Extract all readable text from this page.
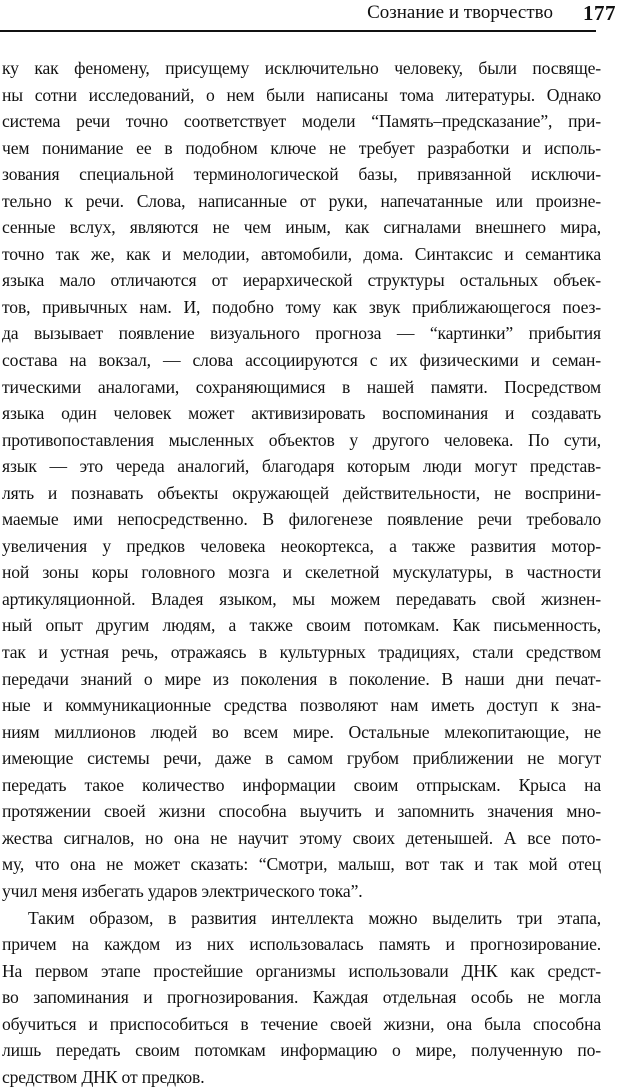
Сознание и творчество 177
ку как феномену, присущему исключительно человеку, были посвяще-
ны сотни исследований, о нем были написаны тома литературы. Однако
система речи точно соответствует модели “Память–предсказание”, при-
чем понимание ее в подобном ключе не требует разработки и исполь-
зования специальной терминологической базы, привязанной исключи-
тельно к речи. Слова, написанные от руки, напечатанные или произне-
сенные вслух, являются не чем иным, как сигналами внешнего мира,
точно так же, как и мелодии, автомобили, дома. Синтаксис и семантика
языка мало отличаются от иерархической структуры остальных объек-
тов, привычных нам. И, подобно тому как звук приближающегося поез-
да вызывает появление визуального прогноза — “картинки” прибытия
состава на вокзал, — слова ассоциируются с их физическими и семан-
тическими аналогами, сохраняющимися в нашей памяти. Посредством
языка один человек может активизировать воспоминания и создавать
противопоставления мысленных объектов у другого человека. По сути,
язык — это череда аналогий, благодаря которым люди могут представ-
лять и познавать объекты окружающей действительности, не восприни-
маемые ими непосредственно. В филогенезе появление речи требовало
увеличения у предков человека неокортекса, а также развития мотор-
ной зоны коры головного мозга и скелетной мускулатуры, в частности
артикуляционной. Владея языком, мы можем передавать свой жизнен-
ный опыт другим людям, а также своим потомкам. Как письменность,
так и устная речь, отражаясь в культурных традициях, стали средством
передачи знаний о мире из поколения в поколение. В наши дни печат-
ные и коммуникационные средства позволяют нам иметь доступ к зна-
ниям миллионов людей во всем мире. Остальные млекопитающие, не
имеющие системы речи, даже в самом грубом приближении не могут
передать такое количество информации своим отпрыскам. Крыса на
протяжении своей жизни способна выучить и запомнить значения мно-
жества сигналов, но она не научит этому своих детенышей. А все пото-
му, что она не может сказать: “Смотри, малыш, вот так и так мой отец
учил меня избегать ударов электрического тока”.
Таким образом, в развития интеллекта можно выделить три этапа,
причем на каждом из них использовалась память и прогнозирование.
На первом этапе простейшие организмы использовали ДНК как средст-
во запоминания и прогнозирования. Каждая отдельная особь не могла
обучиться и приспособиться в течение своей жизни, она была способна
лишь передать своим потомкам информацию о мире, полученную по-
средством ДНК от предков.
